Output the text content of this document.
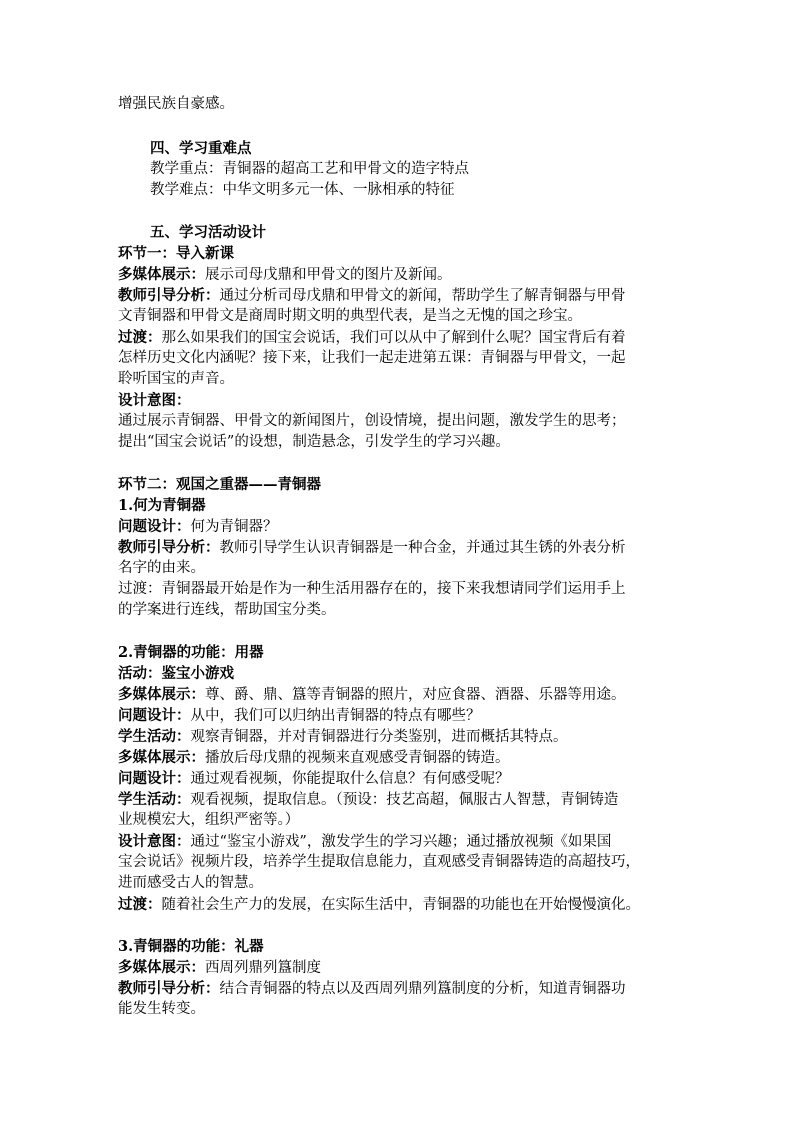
增强民族自豪感。
四、学习重难点
教学重点：青铜器的超高工艺和甲骨文的造字特点
教学难点：中华文明多元一体、一脉相承的特征
五、学习活动设计
环节一：导入新课
多媒体展示：展示司母戊鼎和甲骨文的图片及新闻。
教师引导分析：通过分析司母戊鼎和甲骨文的新闻，帮助学生了解青铜器与甲骨
文青铜器和甲骨文是商周时期文明的典型代表，是当之无愧的国之珍宝。
过渡：那么如果我们的国宝会说话，我们可以从中了解到什么呢？国宝背后有着
怎样历史文化内涵呢？接下来，让我们一起走进第五课：青铜器与甲骨文，一起
聆听国宝的声音。
设计意图：
通过展示青铜器、甲骨文的新闻图片，创设情境，提出问题，激发学生的思考；
提出“国宝会说话”的设想，制造悬念，引发学生的学习兴趣。
环节二：观国之重器——青铜器
1.何为青铜器
问题设计：何为青铜器？
教师引导分析：教师引导学生认识青铜器是一种合金，并通过其生锈的外表分析
名字的由来。
过渡：青铜器最开始是作为一种生活用器存在的，接下来我想请同学们运用手上
的学案进行连线，帮助国宝分类。
2.青铜器的功能：用器
活动：鉴宝小游戏
多媒体展示：尊、爵、鼎、簋等青铜器的照片，对应食器、酒器、乐器等用途。
问题设计：从中，我们可以归纳出青铜器的特点有哪些？
学生活动：观察青铜器，并对青铜器进行分类鉴别，进而概括其特点。
多媒体展示：播放后母戊鼎的视频来直观感受青铜器的铸造。
问题设计：通过观看视频，你能提取什么信息？有何感受呢？
学生活动：观看视频，提取信息。（预设：技艺高超，佩服古人智慧，青铜铸造
业规模宏大，组织严密等。）
设计意图：通过“鉴宝小游戏”，激发学生的学习兴趣；通过播放视频《如果国
宝会说话》视频片段，培养学生提取信息能力，直观感受青铜器铸造的高超技巧，
进而感受古人的智慧。
过渡：随着社会生产力的发展，在实际生活中，青铜器的功能也在开始慢慢演化。
3.青铜器的功能：礼器
多媒体展示：西周列鼎列簋制度
教师引导分析：结合青铜器的特点以及西周列鼎列簋制度的分析，知道青铜器功
能发生转变。
